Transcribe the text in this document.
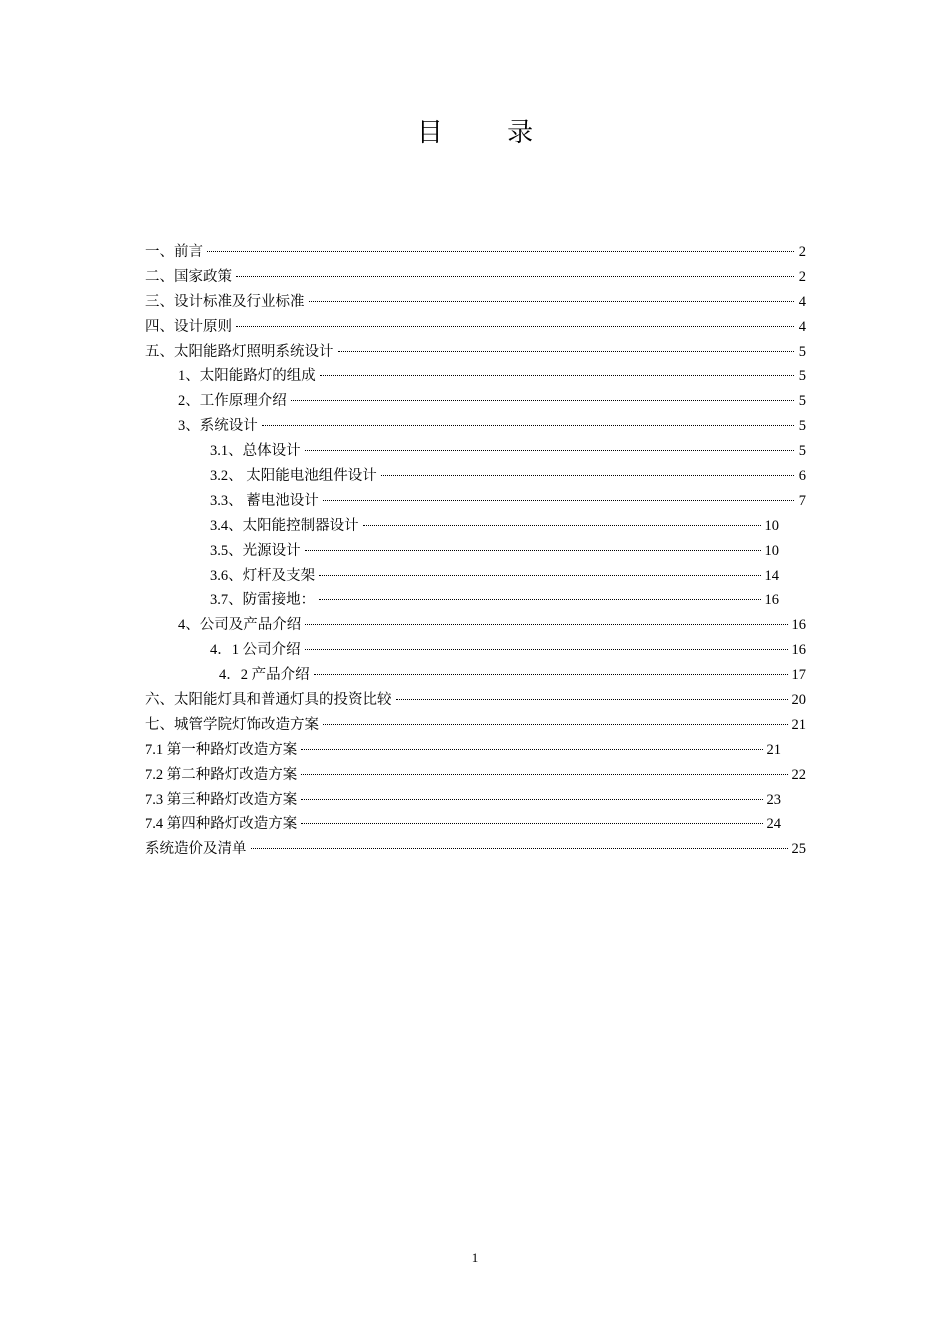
目 录
一、前言	2
二、国家政策	2
三、设计标准及行业标准	4
四、设计原则	4
五、太阳能路灯照明系统设计	5
1、太阳能路灯的组成	5
2、工作原理介绍	5
3、系统设计	5
3.1、总体设计	5
3.2、 太阳能电池组件设计	6
3.3、 蓄电池设计	7
3.4、太阳能控制器设计	10
3.5、光源设计	10
3.6、灯杆及支架	14
3.7、防雷接地：	16
4、公司及产品介绍	16
4．1 公司介绍	16
4．2 产品介绍	17
六、太阳能灯具和普通灯具的投资比较	20
七、城管学院灯饰改造方案	21
7.1 第一种路灯改造方案	21
7.2 第二种路灯改造方案	22
7.3 第三种路灯改造方案	23
7.4 第四种路灯改造方案	24
系统造价及清单	25
1
